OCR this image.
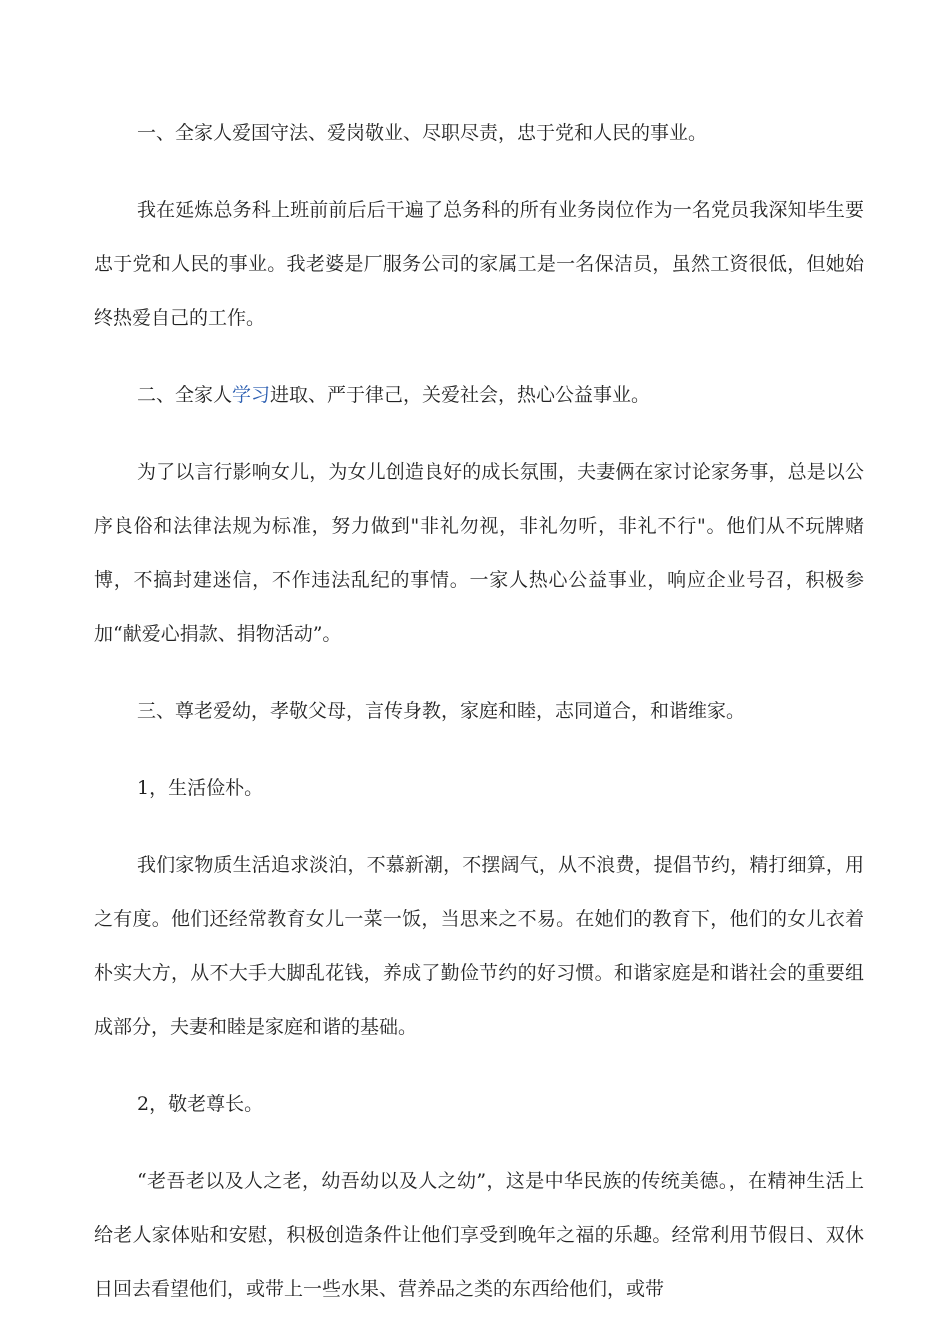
一、全家人爱国守法、爱岗敬业、尽职尽责，忠于党和人民的事业。

我在延炼总务科上班前前后后干遍了总务科的所有业务岗位作为一名党员我深知毕生要忠于党和人民的事业。我老婆是厂服务公司的家属工是一名保洁员，虽然工资很低，但她始终热爱自己的工作。

二、全家人学习进取、严于律己，关爱社会，热心公益事业。

为了以言行影响女儿，为女儿创造良好的成长氛围，夫妻俩在家讨论家务事，总是以公序良俗和法律法规为标准，努力做到"非礼勿视，非礼勿听，非礼不行"。他们从不玩牌赌博，不搞封建迷信，不作违法乱纪的事情。一家人热心公益事业，响应企业号召，积极参加“献爱心捐款、捐物活动”。

三、尊老爱幼，孝敬父母，言传身教，家庭和睦，志同道合，和谐维家。

1，生活俭朴。

我们家物质生活追求淡泊，不慕新潮，不摆阔气，从不浪费，提倡节约，精打细算，用之有度。他们还经常教育女儿一菜一饭，当思来之不易。在她们的教育下，他们的女儿衣着朴实大方，从不大手大脚乱花钱，养成了勤俭节约的好习惯。和谐家庭是和谐社会的重要组成部分，夫妻和睦是家庭和谐的基础。

2，敬老尊长。

“老吾老以及人之老，幼吾幼以及人之幼”，这是中华民族的传统美德。，在精神生活上给老人家体贴和安慰，积极创造条件让他们享受到晚年之福的乐趣。经常利用节假日、双休日回去看望他们，或带上一些水果、营养品之类的东西给他们，或带
